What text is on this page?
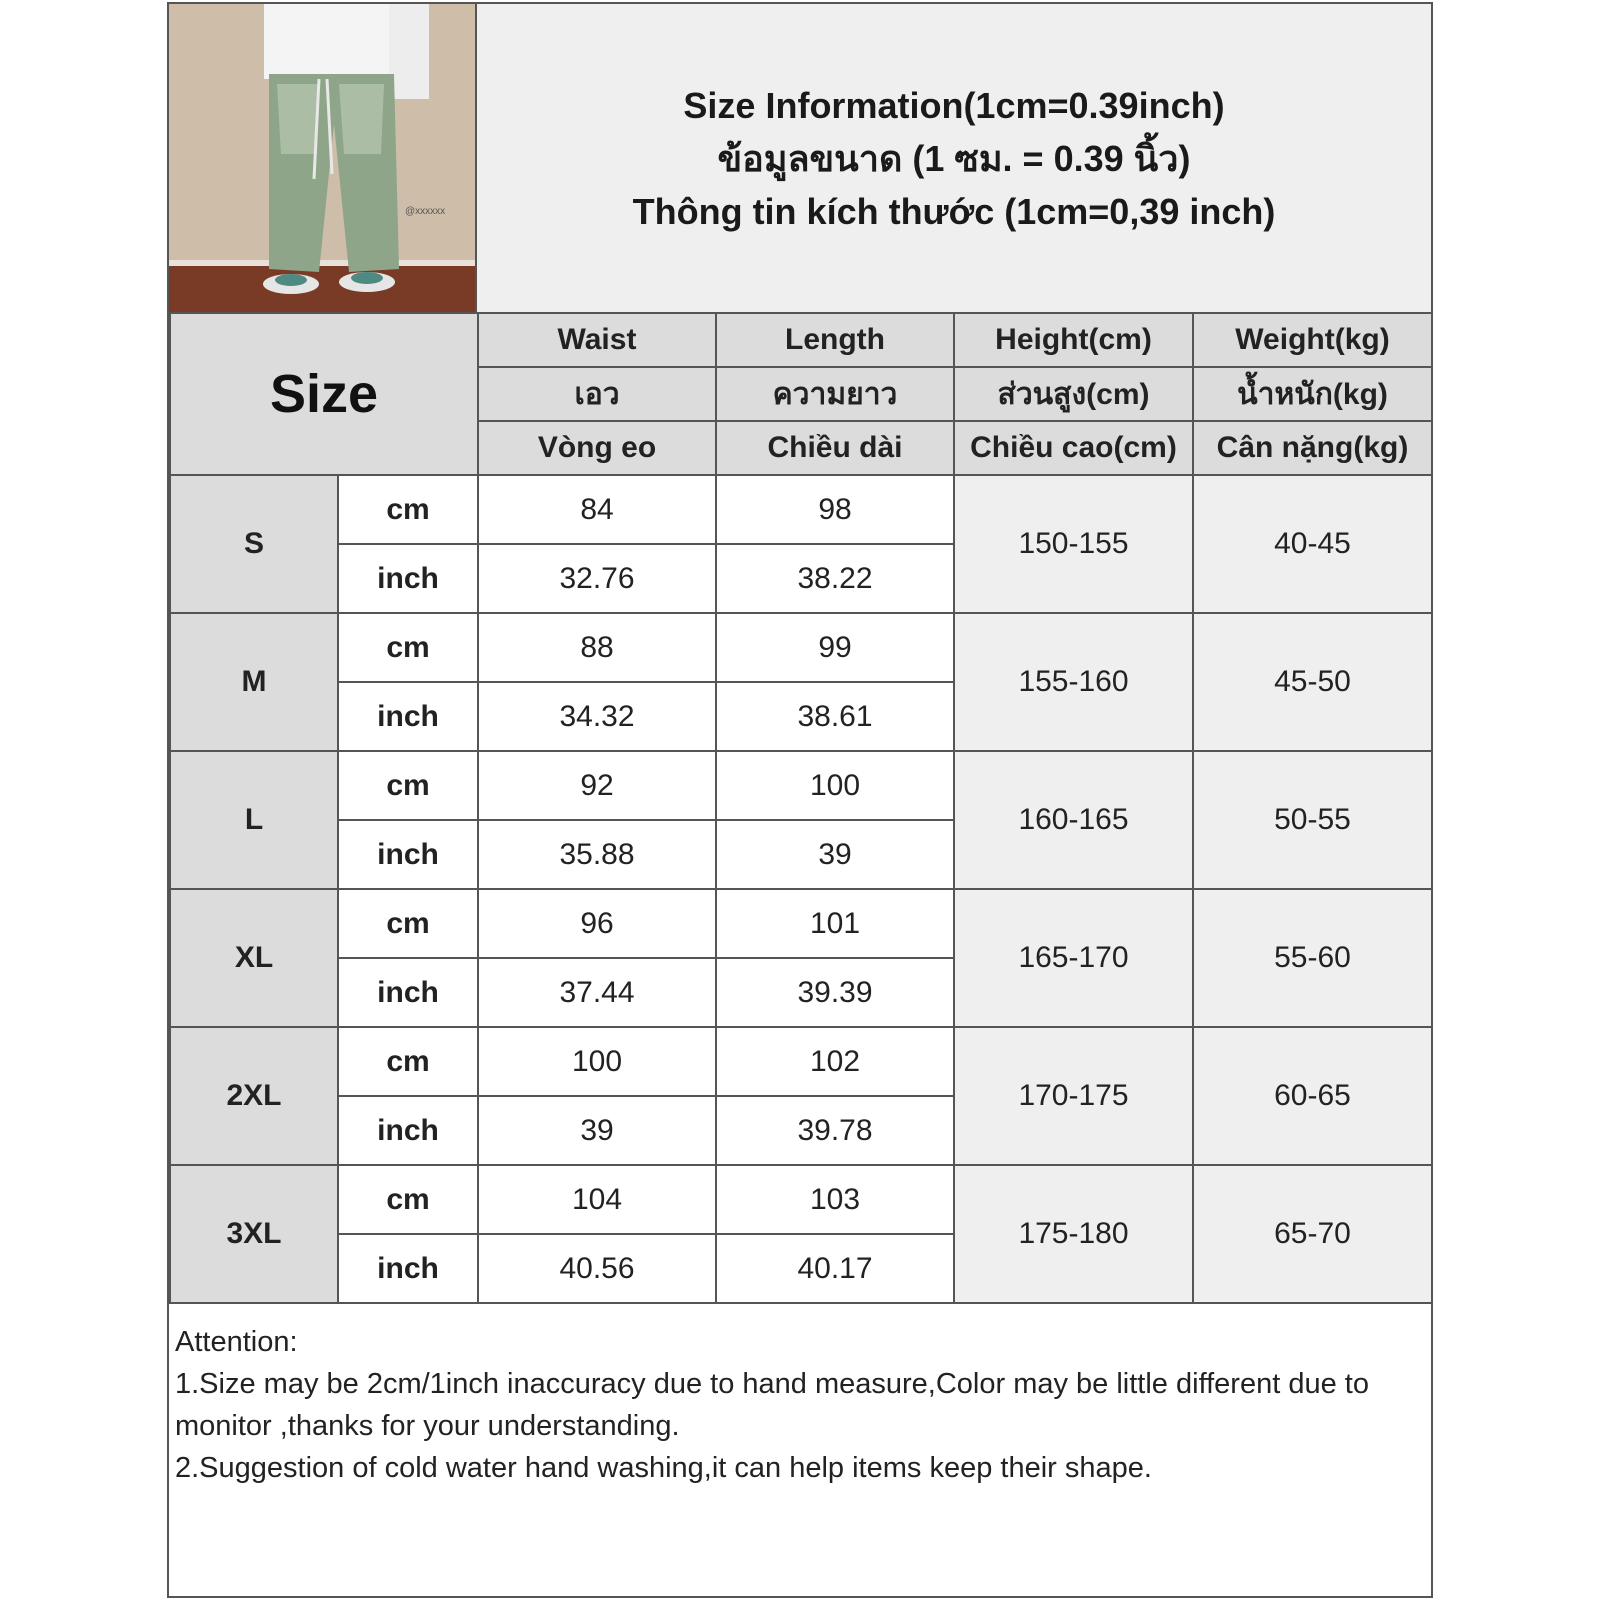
@xxxxxx
Size Information(1cm=0.39inch)
ข้อมูลขนาด (1 ซม. = 0.39 นิ้ว)
Thông tin kích thước (1cm=0,39 inch)
Size		Waist	Length	Height(cm)	Weight(kg)
		เอว	ความยาว	ส่วนสูง(cm)	น้ำหนัก(kg)
		Vòng eo	Chiều dài	Chiều cao(cm)	Cân nặng(kg)
S	cm	84	98	150-155	40-45
	inch	32.76	38.22		
M	cm	88	99	155-160	45-50
	inch	34.32	38.61		
L	cm	92	100	160-165	50-55
	inch	35.88	39		
XL	cm	96	101	165-170	55-60
	inch	37.44	39.39		
2XL	cm	100	102	170-175	60-65
	inch	39	39.78		
3XL	cm	104	103	175-180	65-70
	inch	40.56	40.17		

Attention:

1.Size may be 2cm/1inch inaccuracy due to hand measure,Color may be little different due to monitor ,thanks for your understanding.

2.Suggestion of cold water hand washing,it can help items keep their shape.
